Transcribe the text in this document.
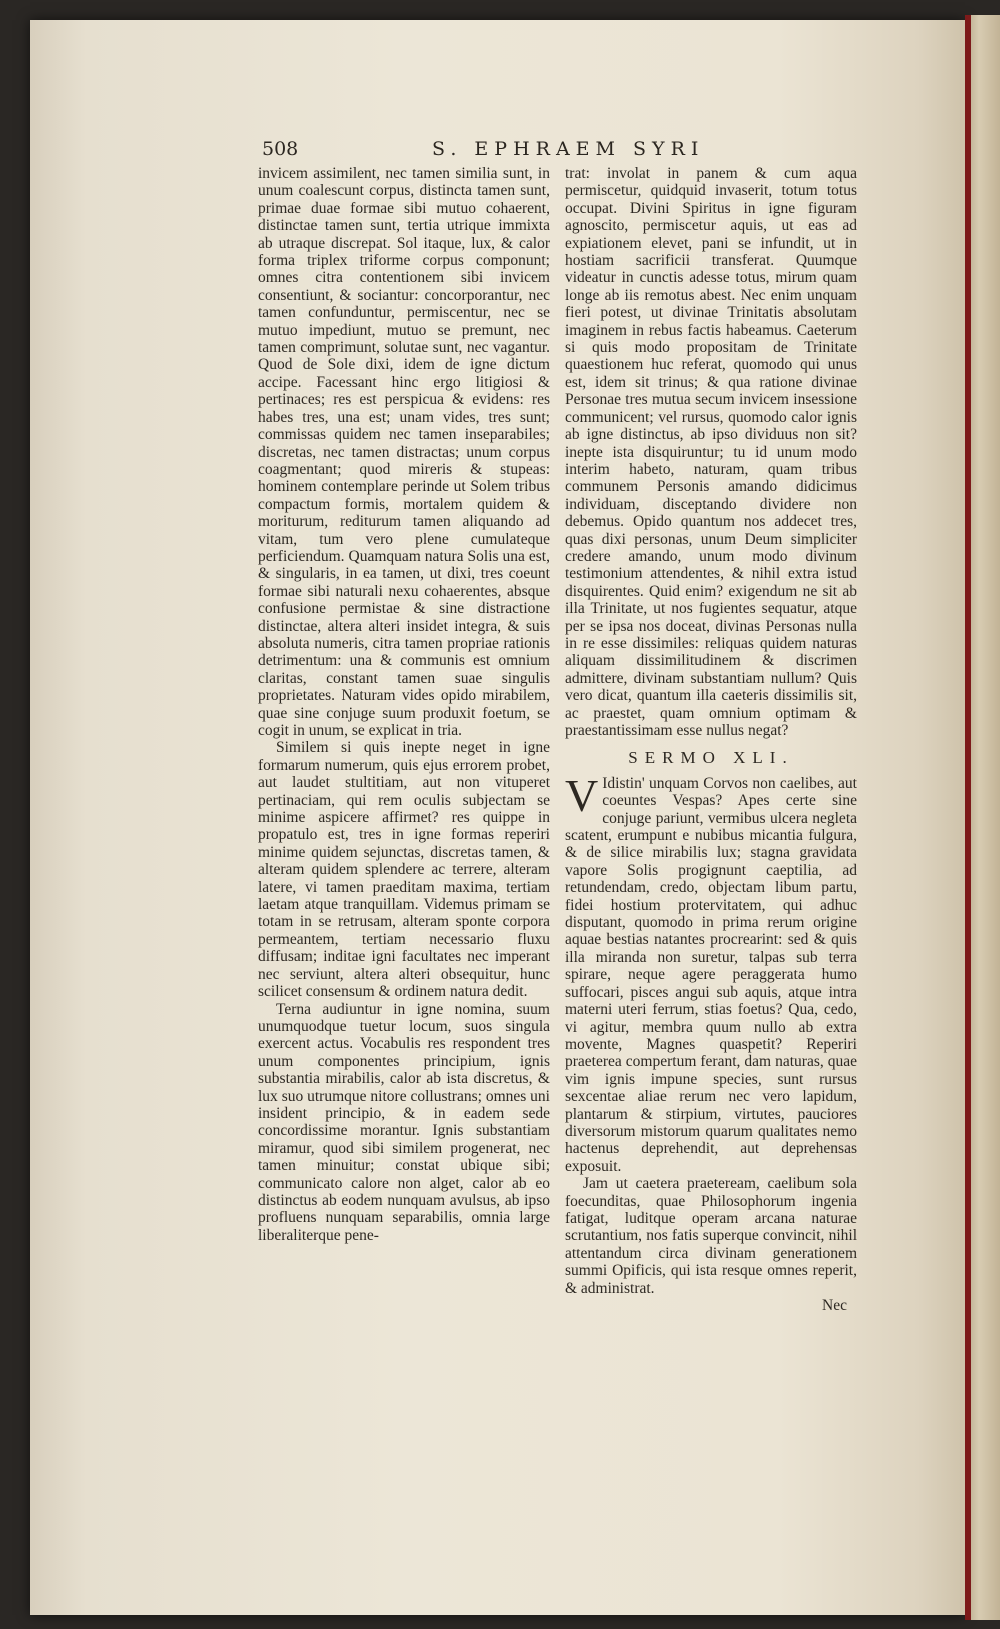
508	S. EPHRAEM SYRI

invicem assimilent, nec tamen similia sunt, in unum coalescunt corpus, distincta tamen sunt, primae duae formae sibi mutuo cohaerent, distinctae tamen sunt, tertia utrique immixta ab utraque discrepat. Sol itaque, lux, & calor forma triplex triforme corpus componunt; omnes citra contentionem sibi invicem consentiunt, & sociantur: concorporantur, nec tamen confunduntur, permiscentur, nec se mutuo impediunt, mutuo se premunt, nec tamen comprimunt, solutae sunt, nec vagantur. Quod de Sole dixi, idem de igne dictum accipe. Facessant hinc ergo litigiosi & pertinaces; res est perspicua & evidens: res habes tres, una est; unam vides, tres sunt; commissas quidem nec tamen inseparabiles; discretas, nec tamen distractas; unum corpus coagmentant; quod mireris & stupeas: hominem contemplare perinde ut Solem tribus compactum formis, mortalem quidem & moriturum, rediturum tamen aliquando ad vitam, tum vero plene cumulateque perficiendum. Quamquam natura Solis una est, & singularis, in ea tamen, ut dixi, tres coeunt formae sibi naturali nexu cohaerentes, absque confusione permistae & sine distractione distinctae, altera alteri insidet integra, & suis absoluta numeris, citra tamen propriae rationis detrimentum: una & communis est omnium claritas, constant tamen suae singulis proprietates. Naturam vides opido mirabilem, quae sine conjuge suum produxit foetum, se cogit in unum, se explicat in tria.

Similem si quis inepte neget in igne formarum numerum, quis ejus errorem probet, aut laudet stultitiam, aut non vituperet pertinaciam, qui rem oculis subjectam se minime aspicere affirmet? res quippe in propatulo est, tres in igne formas reperiri minime quidem sejunctas, discretas tamen, & alteram quidem splendere ac terrere, alteram latere, vi tamen praeditam maxima, tertiam laetam atque tranquillam. Videmus primam se totam in se retrusam, alteram sponte corpora permeantem, tertiam necessario fluxu diffusam; inditae igni facultates nec imperant nec serviunt, altera alteri obsequitur, hunc scilicet consensum & ordinem natura dedit.

Terna audiuntur in igne nomina, suum unumquodque tuetur locum, suos singula exercent actus. Vocabulis res respondent tres unum componentes principium, ignis substantia mirabilis, calor ab ista discretus, & lux suo utrumque nitore collustrans; omnes uni insident principio, & in eadem sede concordissime morantur. Ignis substantiam miramur, quod sibi similem progenerat, nec tamen minuitur; constat ubique sibi; communicato calore non alget, calor ab eo distinctus ab eodem nunquam avulsus, ab ipso profluens nunquam separabilis, omnia large liberaliterque pene-

trat: involat in panem & cum aqua permiscetur, quidquid invaserit, totum totus occupat. Divini Spiritus in igne figuram agnoscito, permiscetur aquis, ut eas ad expiationem elevet, pani se infundit, ut in hostiam sacrificii transferat. Quumque videatur in cunctis adesse totus, mirum quam longe ab iis remotus abest. Nec enim unquam fieri potest, ut divinae Trinitatis absolutam imaginem in rebus factis habeamus. Caeterum si quis modo propositam de Trinitate quaestionem huc referat, quomodo qui unus est, idem sit trinus; & qua ratione divinae Personae tres mutua secum invicem insessione communicent; vel rursus, quomodo calor ignis ab igne distinctus, ab ipso dividuus non sit? inepte ista disquiruntur; tu id unum modo interim habeto, naturam, quam tribus communem Personis amando didicimus individuam, disceptando dividere non debemus. Opido quantum nos addecet tres, quas dixi personas, unum Deum simpliciter credere amando, unum modo divinum testimonium attendentes, & nihil extra istud disquirentes. Quid enim? exigendum ne sit ab illa Trinitate, ut nos fugientes sequatur, atque per se ipsa nos doceat, divinas Personas nulla in re esse dissimiles: reliquas quidem naturas aliquam dissimilitudinem & discrimen admittere, divinam substantiam nullum? Quis vero dicat, quantum illa caeteris dissimilis sit, ac praestet, quam omnium optimam & praestantissimam esse nullus negat?

SERMO XLI.

V Idistin' unquam Corvos non caelibes, aut coeuntes Vespas? Apes certe sine conjuge pariunt, vermibus ulcera negleta scatent, erumpunt e nubibus micantia fulgura, & de silice mirabilis lux; stagna gravidata vapore Solis progignunt caeptilia, ad retundendam, credo, objectam libum partu, fidei hostium protervitatem, qui adhuc disputant, quomodo in prima rerum origine aquae bestias natantes procrearint: sed & quis illa miranda non suretur, talpas sub terra spirare, neque agere peraggerata humo suffocari, pisces angui sub aquis, atque intra materni uteri ferrum, stias foetus? Qua, cedo, vi agitur, membra quum nullo ab extra movente, Magnes quaspetit? Reperiri praeterea compertum ferant, dam naturas, quae vim ignis impune species, sunt rursus sexcentae aliae rerum nec vero lapidum, plantarum & stirpium, virtutes, pauciores diversorum mistorum quarum qualitates nemo hactenus deprehendit, aut deprehensas exposuit.

Jam ut caetera praeteream, caelibum sola foecunditas, quae Philosophorum ingenia fatigat, luditque operam arcana naturae scrutantium, nos fatis superque convincit, nihil attentandum circa divinam generationem summi Opificis, qui ista resque omnes reperit, & administrat.

Nec
